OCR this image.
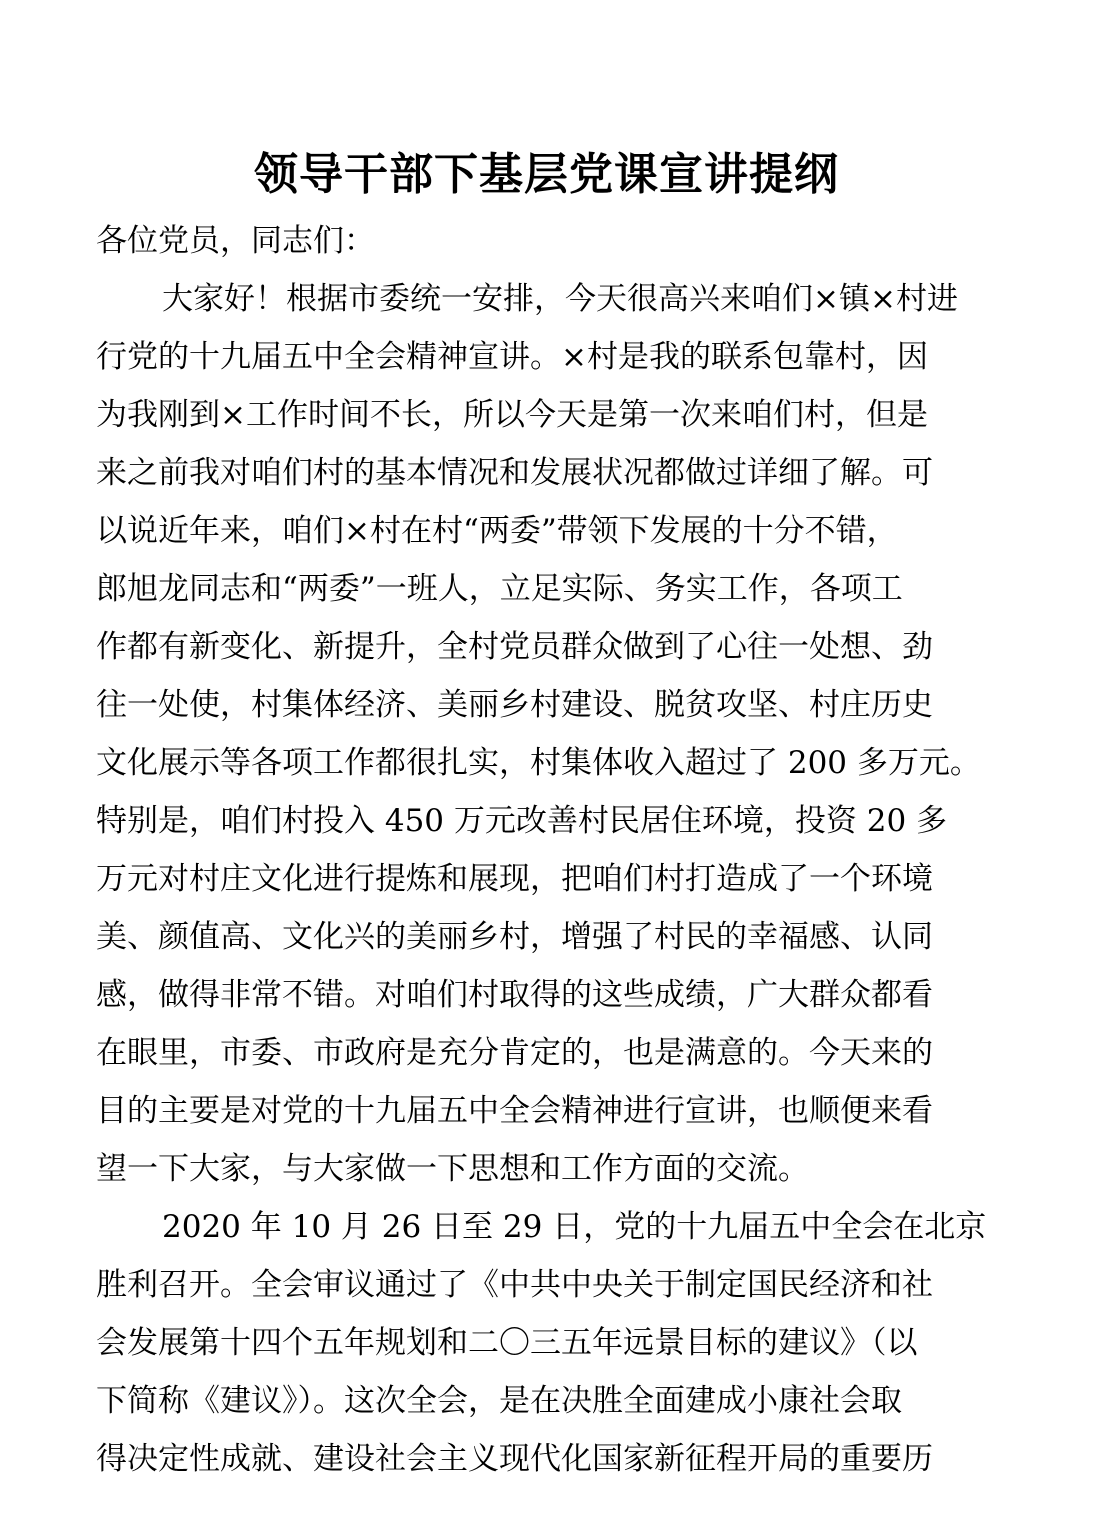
领导干部下基层党课宣讲提纲

各位党员，同志们：

大家好！根据市委统一安排，今天很高兴来咱们×镇×村进
行党的十九届五中全会精神宣讲。×村是我的联系包靠村，因
为我刚到×工作时间不长，所以今天是第一次来咱们村，但是
来之前我对咱们村的基本情况和发展状况都做过详细了解。可
以说近年来，咱们×村在村“两委”带领下发展的十分不错，
郎旭龙同志和“两委”一班人，立足实际、务实工作，各项工
作都有新变化、新提升，全村党员群众做到了心往一处想、劲
往一处使，村集体经济、美丽乡村建设、脱贫攻坚、村庄历史
文化展示等各项工作都很扎实，村集体收入超过了 200 多万元。
特别是，咱们村投入 450 万元改善村民居住环境，投资 20 多
万元对村庄文化进行提炼和展现，把咱们村打造成了一个环境
美、颜值高、文化兴的美丽乡村，增强了村民的幸福感、认同
感，做得非常不错。对咱们村取得的这些成绩，广大群众都看
在眼里，市委、市政府是充分肯定的，也是满意的。今天来的
目的主要是对党的十九届五中全会精神进行宣讲，也顺便来看
望一下大家，与大家做一下思想和工作方面的交流。

2020 年 10 月 26 日至 29 日，党的十九届五中全会在北京
胜利召开。全会审议通过了《中共中央关于制定国民经济和社
会发展第十四个五年规划和二〇三五年远景目标的建议》（以
下简称《建议》）。这次全会，是在决胜全面建成小康社会取
得决定性成就、建设社会主义现代化国家新征程开局的重要历
